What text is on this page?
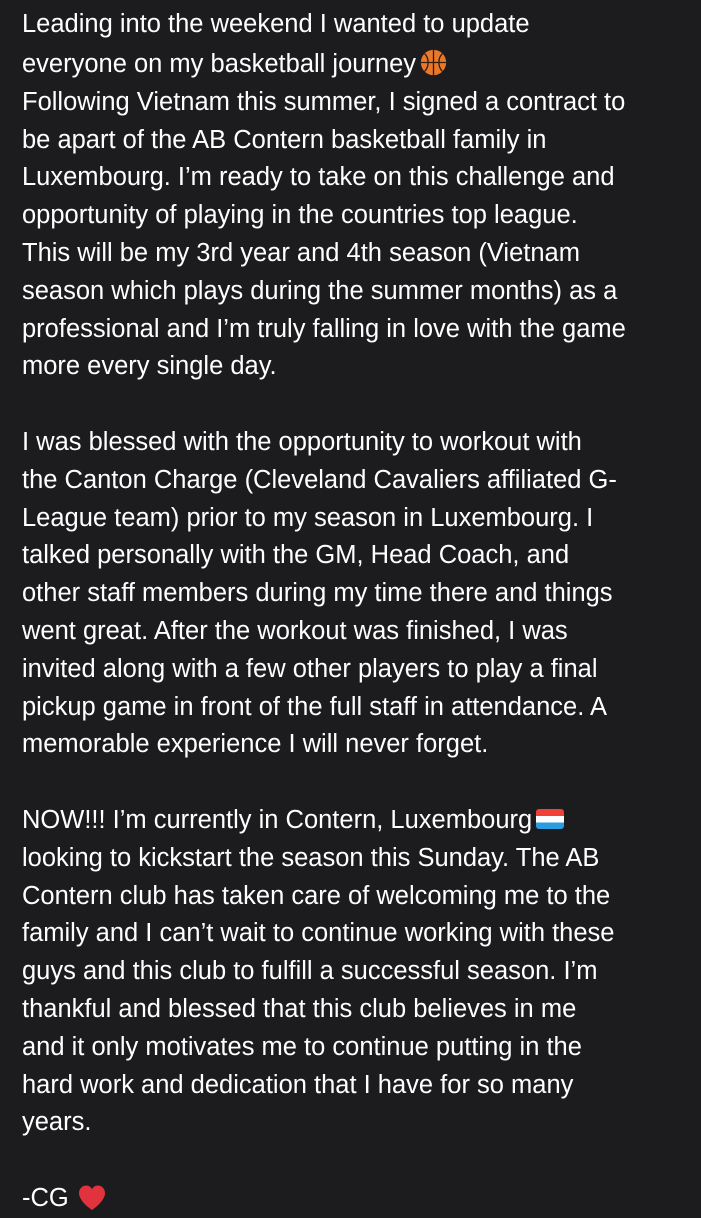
Leading into the weekend I wanted to update
everyone on my basketball journey
Following Vietnam this summer, I signed a contract to
be apart of the AB Contern basketball family in
Luxembourg. I’m ready to take on this challenge and
opportunity of playing in the countries top league.
This will be my 3rd year and 4th season (Vietnam
season which plays during the summer months) as a
professional and I’m truly falling in love with the game
more every single day.
I was blessed with the opportunity to workout with
the Canton Charge (Cleveland Cavaliers affiliated G-
League team) prior to my season in Luxembourg. I
talked personally with the GM, Head Coach, and
other staff members during my time there and things
went great. After the workout was finished, I was
invited along with a few other players to play a final
pickup game in front of the full staff in attendance. A
memorable experience I will never forget.
NOW!!! I’m currently in Contern, Luxembourg
looking to kickstart the season this Sunday. The AB
Contern club has taken care of welcoming me to the
family and I can’t wait to continue working with these
guys and this club to fulfill a successful season. I’m
thankful and blessed that this club believes in me
and it only motivates me to continue putting in the
hard work and dedication that I have for so many
years.
-CG
